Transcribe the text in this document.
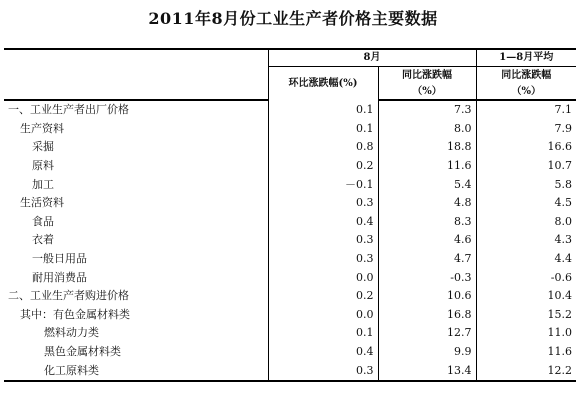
2011年8月份工业生产者价格主要数据
	8月		1—8月平均
	环比涨跌幅(%)	同比涨跌幅	同比涨跌幅
		（%）	（%）
一、工业生产者出厂价格	0.1	7.3	7.1
生产资料	0.1	8.0	7.9
采掘	0.8	18.8	16.6
原料	0.2	11.6	10.7
加工	－0.1	5.4	5.8
生活资料	0.3	4.8	4.5
食品	0.4	8.3	8.0
衣着	0.3	4.6	4.3
一般日用品	0.3	4.7	4.4
耐用消费品	0.0	-0.3	-0.6
二、工业生产者购进价格	0.2	10.6	10.4
其中：有色金属材料类	0.0	16.8	15.2
燃料动力类	0.1	12.7	11.0
黑色金属材料类	0.4	9.9	11.6
化工原料类	0.3	13.4	12.2
